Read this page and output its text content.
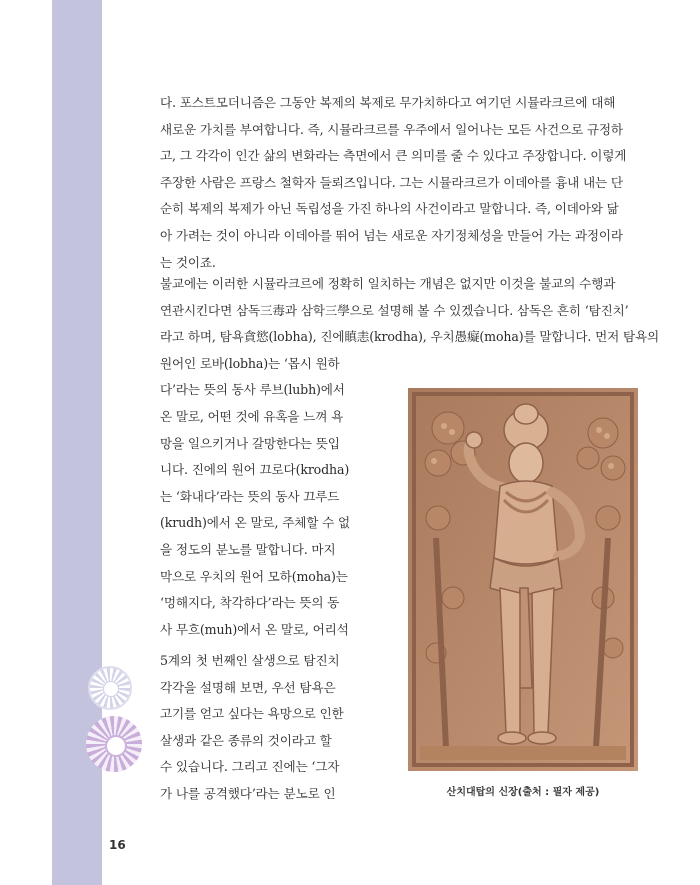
다. 포스트모더니즘은 그동안 복제의 복제로 무가치하다고 여기던 시뮬라크르에 대해
새로운 가치를 부여합니다. 즉, 시뮬라크르를 우주에서 일어나는 모든 사건으로 규정하
고, 그 각각이 인간 삶의 변화라는 측면에서 큰 의미를 줄 수 있다고 주장합니다. 이렇게
주장한 사람은 프랑스 철학자 들뢰즈입니다. 그는 시뮬라크르가 이데아를 흉내 내는 단
순히 복제의 복제가 아닌 독립성을 가진 하나의 사건이라고 말합니다. 즉, 이데아와 닮
아 가려는 것이 아니라 이데아를 뛰어 넘는 새로운 자기정체성을 만들어 가는 과정이라
는 것이죠.
불교에는 이러한 시뮬라크르에 정확히 일치하는 개념은 없지만 이것을 불교의 수행과
연관시킨다면 삼독三毒과 삼학三學으로 설명해 볼 수 있겠습니다. 삼독은 흔히 ‘탐진치’
라고 하며, 탐욕貪慾(lobha), 진에瞋恚(krodha), 우치愚癡(moha)를 말합니다. 먼저 탐욕의
원어인 로바(lobha)는 ‘몹시 원하
다’라는 뜻의 동사 루브(lubh)에서
온 말로, 어떤 것에 유혹을 느껴 욕
망을 일으키거나 갈망한다는 뜻입
니다. 진에의 원어 끄로다(krodha)
는 ‘화내다’라는 뜻의 동사 끄루드
(krudh)에서 온 말로, 주체할 수 없
을 정도의 분노를 말합니다. 마지
막으로 우치의 원어 모하(moha)는
‘멍해지다, 착각하다’라는 뜻의 동
사 무흐(muh)에서 온 말로, 어리석
5계의 첫 번째인 살생으로 탐진치
각각을 설명해 보면, 우선 탐욕은
고기를 얻고 싶다는 욕망으로 인한
살생과 같은 종류의 것이라고 할
수 있습니다. 그리고 진에는 ‘그자
가 나를 공격했다’라는 분노로 인	산치대탑의 신장(출처 : 필자 제공)
16
